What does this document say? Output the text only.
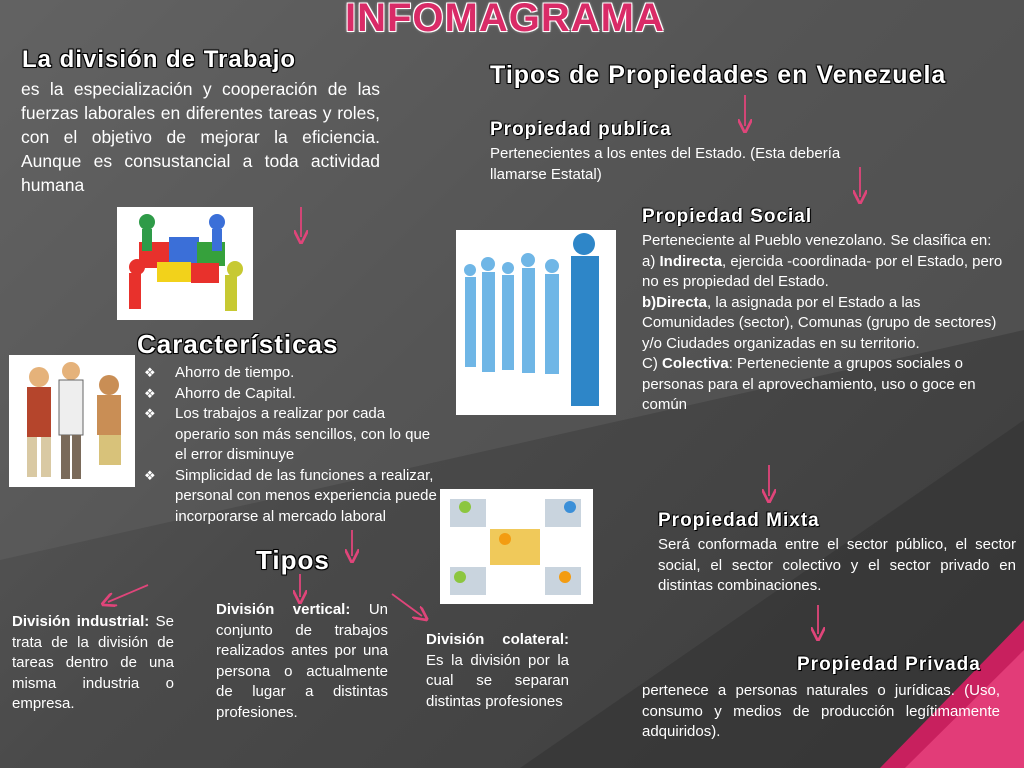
INFOMAGRAMA
La división de Trabajo
es la especialización y cooperación de las fuerzas laborales en diferentes tareas y roles, con el objetivo de mejorar la eficiencia. Aunque es consustancial a toda actividad humana
Características
❖ Ahorro de tiempo.
❖ Ahorro de Capital.
❖ Los trabajos a realizar por cada operario son más sencillos, con lo que el error disminuye
❖ Simplicidad de las funciones a realizar, personal con menos experiencia puede incorporarse al mercado laboral
Tipos
División industrial: Se trata de la división de tareas dentro de una misma industria o empresa.
División vertical: Un conjunto de trabajos realizados antes por una persona o actualmente de lugar a distintas profesiones.
División colateral: Es la división por la cual se separan distintas profesiones
Tipos de Propiedades en Venezuela
Propiedad publica
Pertenecientes a los entes del Estado. (Esta debería llamarse Estatal)
Propiedad Social
Perteneciente al Pueblo venezolano. Se clasifica en:
a) Indirecta, ejercida -coordinada- por el Estado, pero no es propiedad del Estado.
b)Directa, la asignada por el Estado a las Comunidades (sector), Comunas (grupo de sectores) y/o Ciudades organizadas en su territorio.
C) Colectiva: Perteneciente a grupos sociales o personas para el aprovechamiento, uso o goce en común
Propiedad Mixta
Será conformada entre el sector público, el sector social, el sector colectivo y el sector privado en distintas combinaciones.
Propiedad Privada
pertenece a personas naturales o jurídicas. (Uso, consumo y medios de producción legítimamente adquiridos).
